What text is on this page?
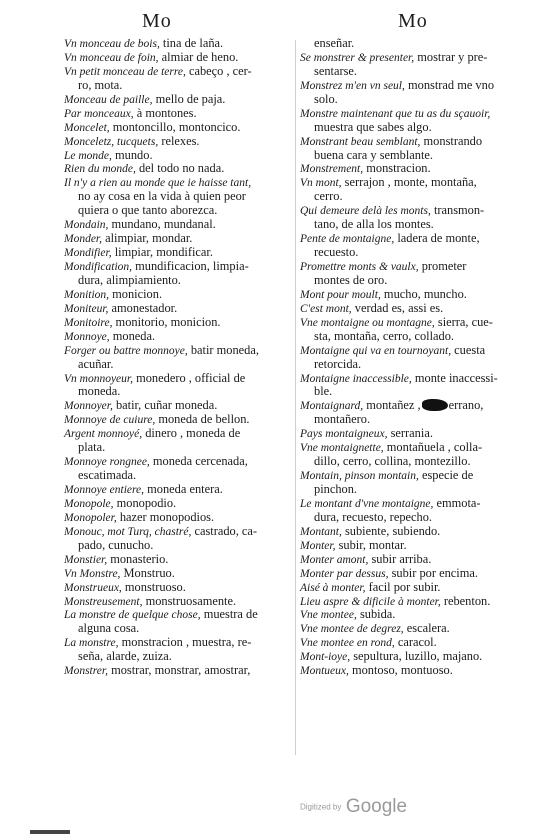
Mo	Mo
Vn monceau de bois, tina de laña.
Vn monceau de foin, almiar de heno.
Vn petit monceau de terre, cabeço , cer-
ro, mota.
Monceau de paille, mello de paja.
Par monceaux, à montones.
Moncelet, montoncillo, montoncico.
Monceletz, tucquets, relexes.
Le monde, mundo.
Rien du monde, del todo no nada.
Il n'y a rien au monde que ie haisse tant,
no ay cosa en la vida à quien peor
quiera o que tanto aborezca.
Mondain, mundano, mundanal.
Monder, alimpiar, mondar.
Mondifier, limpiar, mondificar.
Mondification, mundificacion, limpia-
dura, alimpiamiento.
Monition, monicion.
Moniteur, amonestador.
Monitoire, monitorio, monicion.
Monnoye, moneda.
Forger ou battre monnoye, batir moneda,
acuñar.
Vn monnoyeur, monedero , official de
moneda.
Monnoyer, batir, cuñar moneda.
Monnoye de cuiure, moneda de bellon.
Argent monnoyé, dinero , moneda de
plata.
Monnoye rongnee, moneda cercenada,
escatimada.
Monnoye entiere, moneda entera.
Monopole, monopodio.
Monopoler, hazer monopodios.
Monouc, mot Turq, chastré, castrado, ca-
pado, cunucho.
Monstier, monasterio.
Vn Monstre, Monstruo.
Monstrueux, monstruoso.
Monstreusement, monstruosamente.
La monstre de quelque chose, muestra de
alguna cosa.
La monstre, monstracion , muestra, re-
seña, alarde, zuiza.
Monstrer, mostrar, monstrar, amostrar,
enseñar.
Se monstrer & presenter, mostrar y pre-
sentarse.
Monstrez m'en vn seul, monstrad me vno
solo.
Monstre maintenant que tu as du sçauoir,
muestra que sabes algo.
Monstrant beau semblant, monstrando
buena cara y semblante.
Monstrement, monstracion.
Vn mont, serrajon , monte, montaña,
cerro.
Qui demeure delà les monts, transmon-
tano, de alla los montes.
Pente de montaigne, ladera de monte,
recuesto.
Promettre monts & vaulx, prometer
montes de oro.
Mont pour moult, mucho, muncho.
C'est mont, verdad es, assi es.
Vne montaigne ou montagne, sierra, cue-
sta, montaña, cerro, collado.
Montaigne qui va en tournoyant, cuesta
retorcida.
Montaigne inaccessible, monte inaccessi-
ble.
Montaignard, montañez , errano,
montañero.
Pays montaigneux, serrania.
Vne montaignette, montañuela , colla-
dillo, cerro, collina, montezillo.
Montain, pinson montain, especie de
pinchon.
Le montant d'vne montaigne, emmota-
dura, recuesto, repecho.
Montant, subiente, subiendo.
Monter, subir, montar.
Monter amont, subir arriba.
Monter par dessus, subir por encima.
Aisé à monter, facil por subir.
Lieu aspre & dificile à monter, rebenton.
Vne montee, subida.
Vne montee de degrez, escalera.
Vne montee en rond, caracol.
Mont-ioye, sepultura, luzillo, majano.
Montueux, montoso, montuoso.
Digitized by Google
